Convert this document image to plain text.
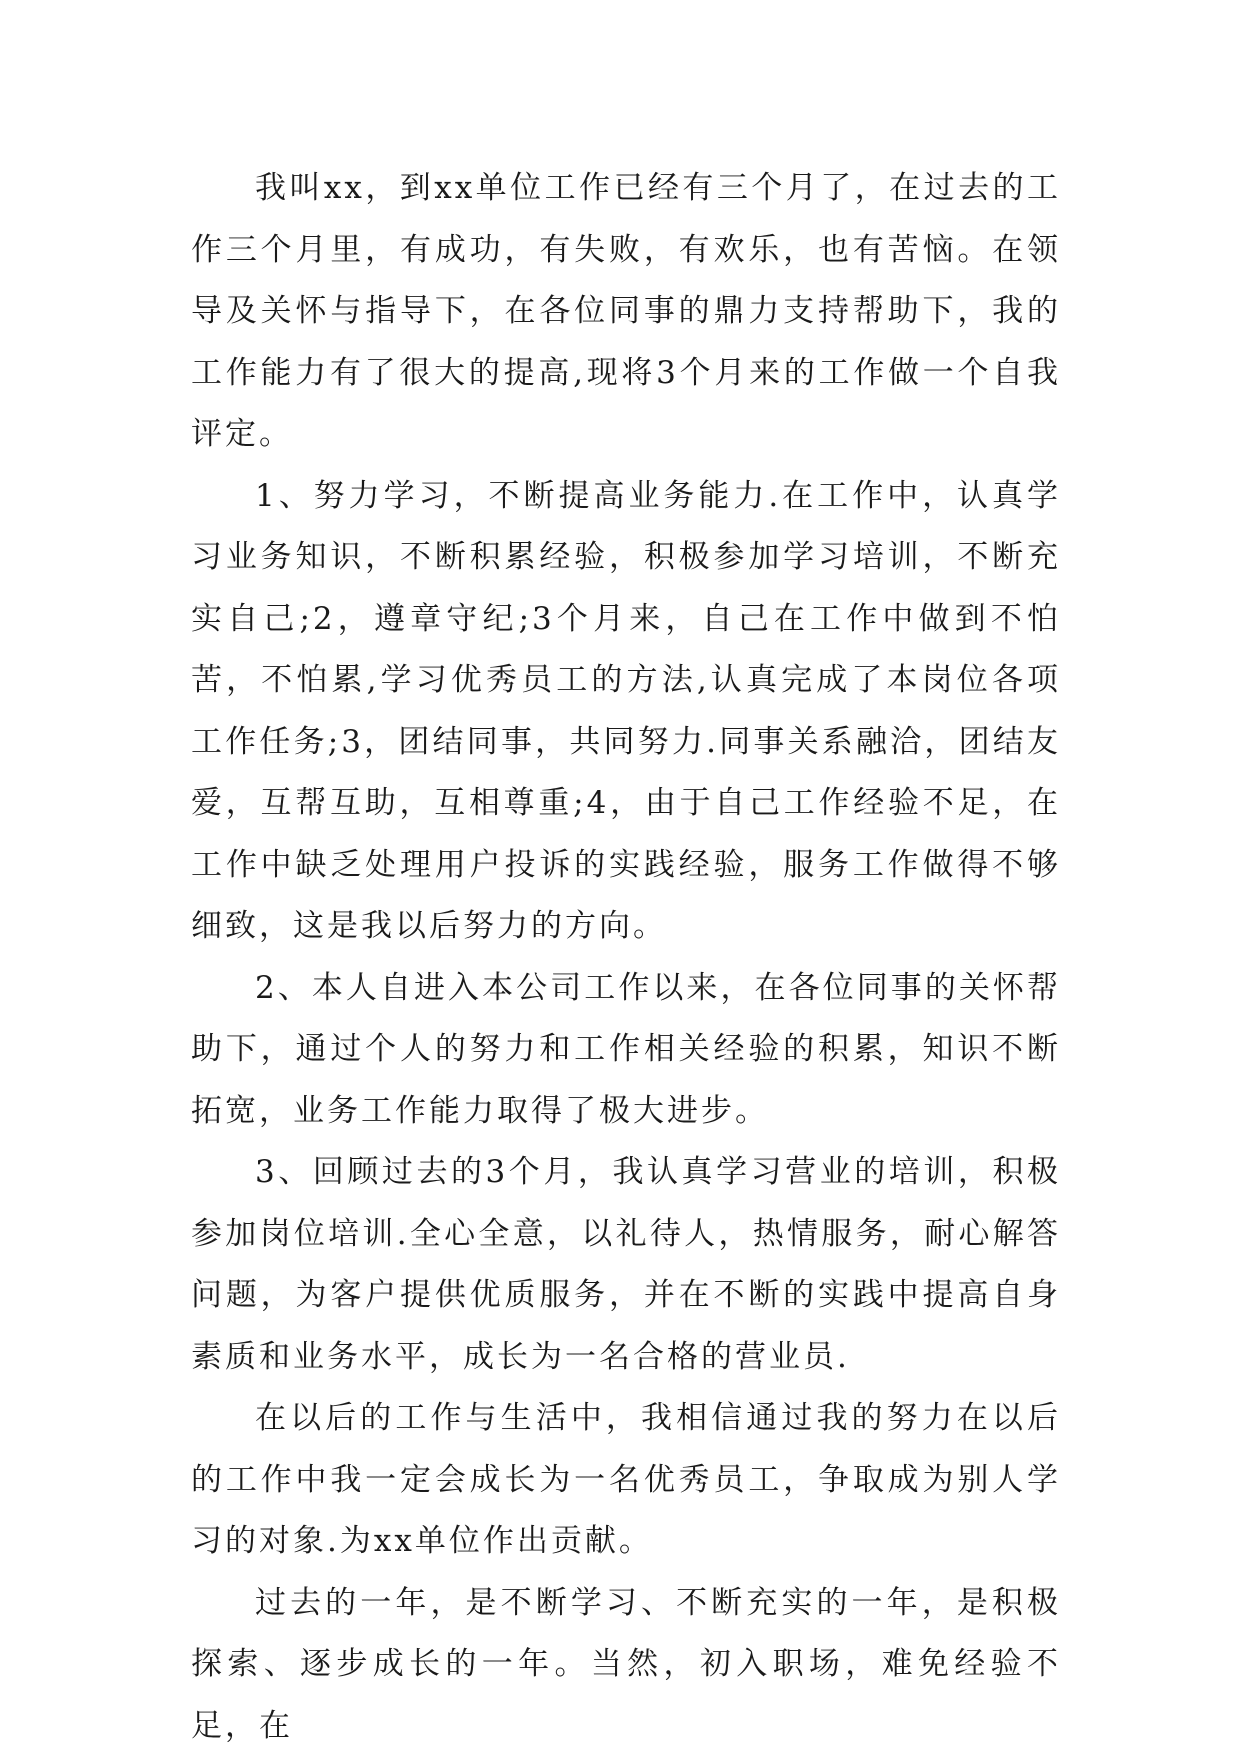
我叫xx，到xx单位工作已经有三个月了，在过去的工作三个月里，有成功，有失败，有欢乐，也有苦恼。在领导及关怀与指导下，在各位同事的鼎力支持帮助下，我的工作能力有了很大的提高,现将3个月来的工作做一个自我评定。

1、努力学习，不断提高业务能力.在工作中，认真学习业务知识，不断积累经验，积极参加学习培训，不断充实自己;2，遵章守纪;3个月来，自己在工作中做到不怕苦，不怕累,学习优秀员工的方法,认真完成了本岗位各项工作任务;3，团结同事，共同努力.同事关系融洽，团结友爱，互帮互助，互相尊重;4，由于自己工作经验不足，在工作中缺乏处理用户投诉的实践经验，服务工作做得不够细致，这是我以后努力的方向。

2、本人自进入本公司工作以来，在各位同事的关怀帮助下，通过个人的努力和工作相关经验的积累，知识不断拓宽，业务工作能力取得了极大进步。

3、回顾过去的3个月，我认真学习营业的培训，积极参加岗位培训.全心全意，以礼待人，热情服务，耐心解答问题，为客户提供优质服务，并在不断的实践中提高自身素质和业务水平，成长为一名合格的营业员.

在以后的工作与生活中，我相信通过我的努力在以后的工作中我一定会成长为一名优秀员工，争取成为别人学习的对象.为xx单位作出贡献。

过去的一年，是不断学习、不断充实的一年，是积极探索、逐步成长的一年。当然，初入职场，难免经验不足，在
